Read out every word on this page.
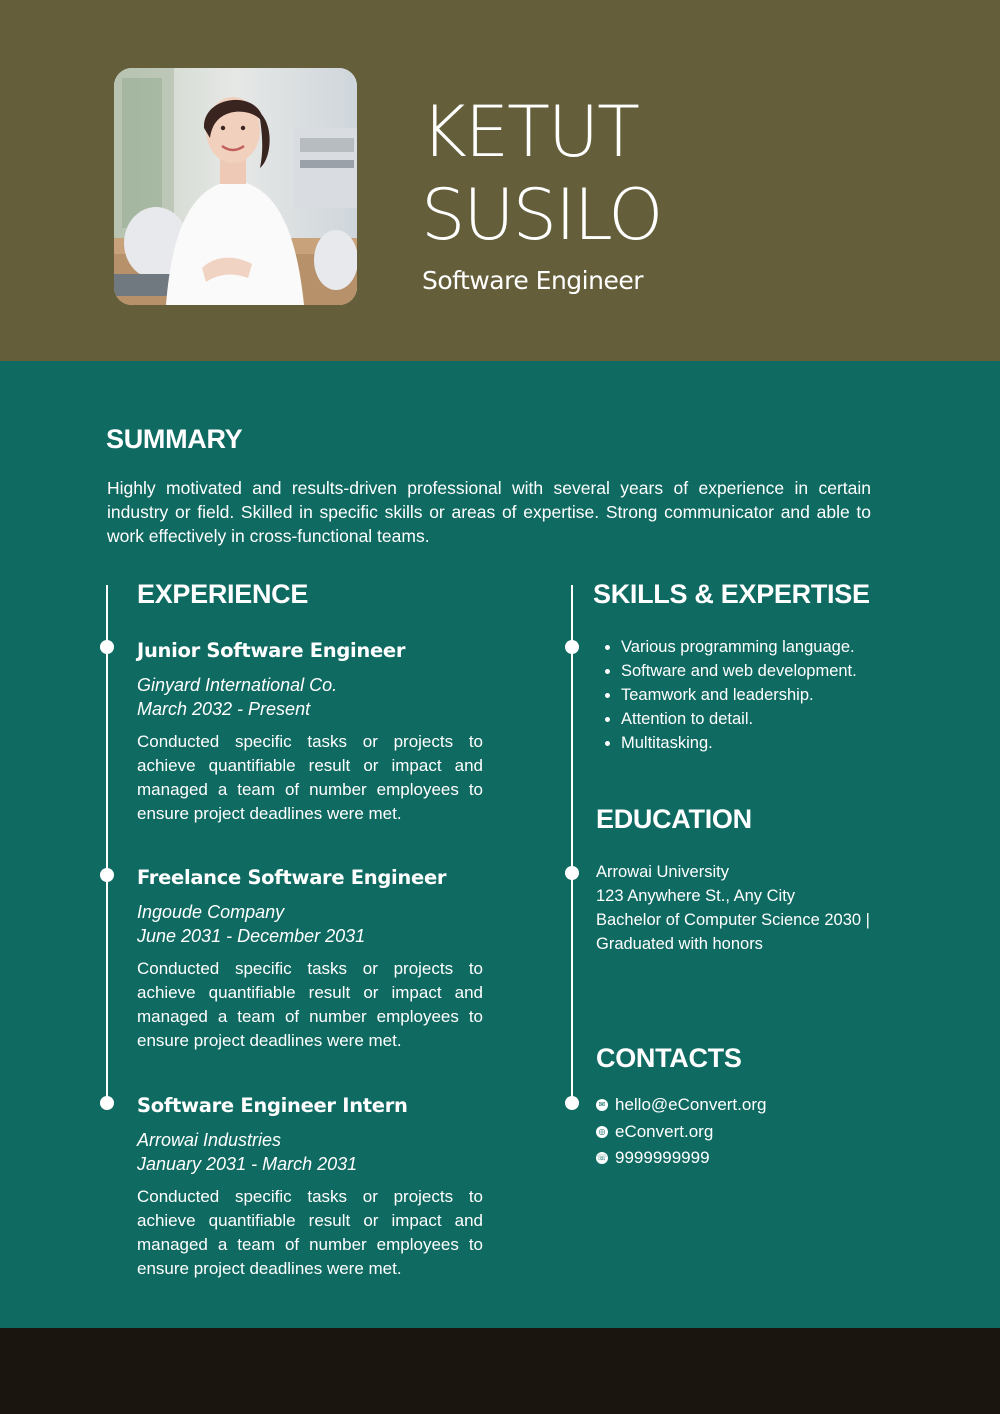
KETUT
SUSILO
Software Engineer
SUMMARY
Highly motivated and results-driven professional with several years of experience in certain industry or field. Skilled in specific skills or areas of expertise. Strong communicator and able to work effectively in cross-functional teams.
EXPERIENCE
Junior Software Engineer
Ginyard International Co.
March 2032 - Present
Conducted specific tasks or projects to achieve quantifiable result or impact and managed a team of number employees to ensure project deadlines were met.
Freelance Software Engineer
Ingoude Company
June 2031 - December 2031
Conducted specific tasks or projects to achieve quantifiable result or impact and managed a team of number employees to ensure project deadlines were met.
Software Engineer Intern
Arrowai Industries
January 2031 - March 2031
Conducted specific tasks or projects to achieve quantifiable result or impact and managed a team of number employees to ensure project deadlines were met.
SKILLS & EXPERTISE
• Various programming language.
• Software and web development.
• Teamwork and leadership.
• Attention to detail.
• Multitasking.
EDUCATION
Arrowai University
123 Anywhere St., Any City
Bachelor of Computer Science 2030 |
Graduated with honors
CONTACTS
✉ hello@eConvert.org
◎ eConvert.org
☏ 9999999999
